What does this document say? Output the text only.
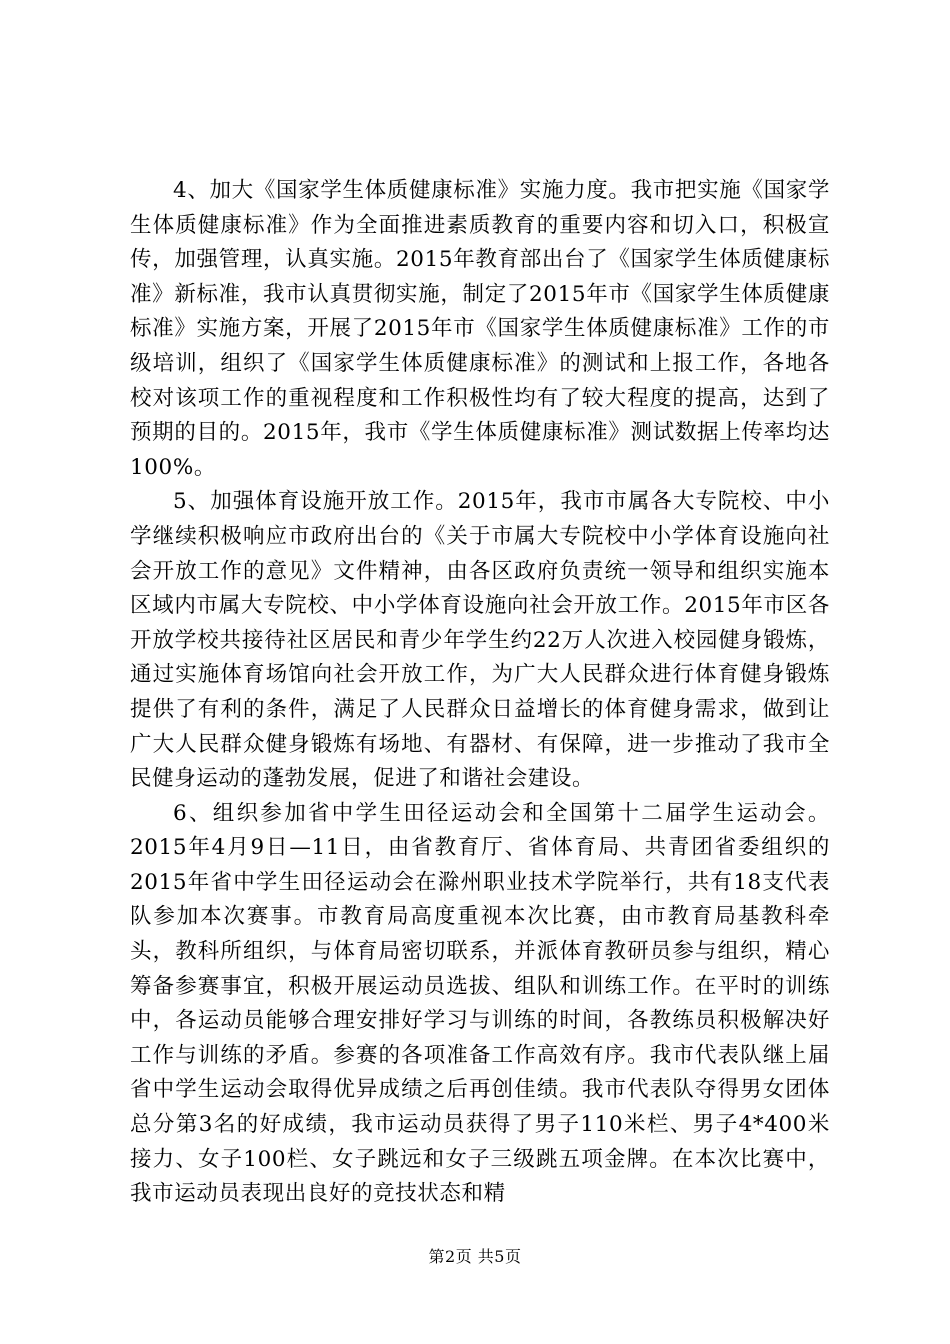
4、加大《国家学生体质健康标准》实施力度。我市把实施《国家学生体质健康标准》作为全面推进素质教育的重要内容和切入口，积极宣传，加强管理，认真实施。2015年教育部出台了《国家学生体质健康标准》新标准，我市认真贯彻实施，制定了2015年市《国家学生体质健康标准》实施方案，开展了2015年市《国家学生体质健康标准》工作的市级培训，组织了《国家学生体质健康标准》的测试和上报工作，各地各校对该项工作的重视程度和工作积极性均有了较大程度的提高，达到了预期的目的。2015年，我市《学生体质健康标准》测试数据上传率均达100%。

5、加强体育设施开放工作。2015年，我市市属各大专院校、中小学继续积极响应市政府出台的《关于市属大专院校中小学体育设施向社会开放工作的意见》文件精神，由各区政府负责统一领导和组织实施本区域内市属大专院校、中小学体育设施向社会开放工作。2015年市区各开放学校共接待社区居民和青少年学生约22万人次进入校园健身锻炼，通过实施体育场馆向社会开放工作，为广大人民群众进行体育健身锻炼提供了有利的条件，满足了人民群众日益增长的体育健身需求，做到让广大人民群众健身锻炼有场地、有器材、有保障，进一步推动了我市全民健身运动的蓬勃发展，促进了和谐社会建设。

6、组织参加省中学生田径运动会和全国第十二届学生运动会。2015年4月9日—11日，由省教育厅、省体育局、共青团省委组织的2015年省中学生田径运动会在滁州职业技术学院举行，共有18支代表队参加本次赛事。市教育局高度重视本次比赛，由市教育局基教科牵头，教科所组织，与体育局密切联系，并派体育教研员参与组织，精心筹备参赛事宜，积极开展运动员选拔、组队和训练工作。在平时的训练中，各运动员能够合理安排好学习与训练的时间，各教练员积极解决好工作与训练的矛盾。参赛的各项准备工作高效有序。我市代表队继上届省中学生运动会取得优异成绩之后再创佳绩。我市代表队夺得男女团体总分第3名的好成绩，我市运动员获得了男子110米栏、男子4*400米接力、女子100栏、女子跳远和女子三级跳五项金牌。在本次比赛中，我市运动员表现出良好的竞技状态和精

第2页 共5页
